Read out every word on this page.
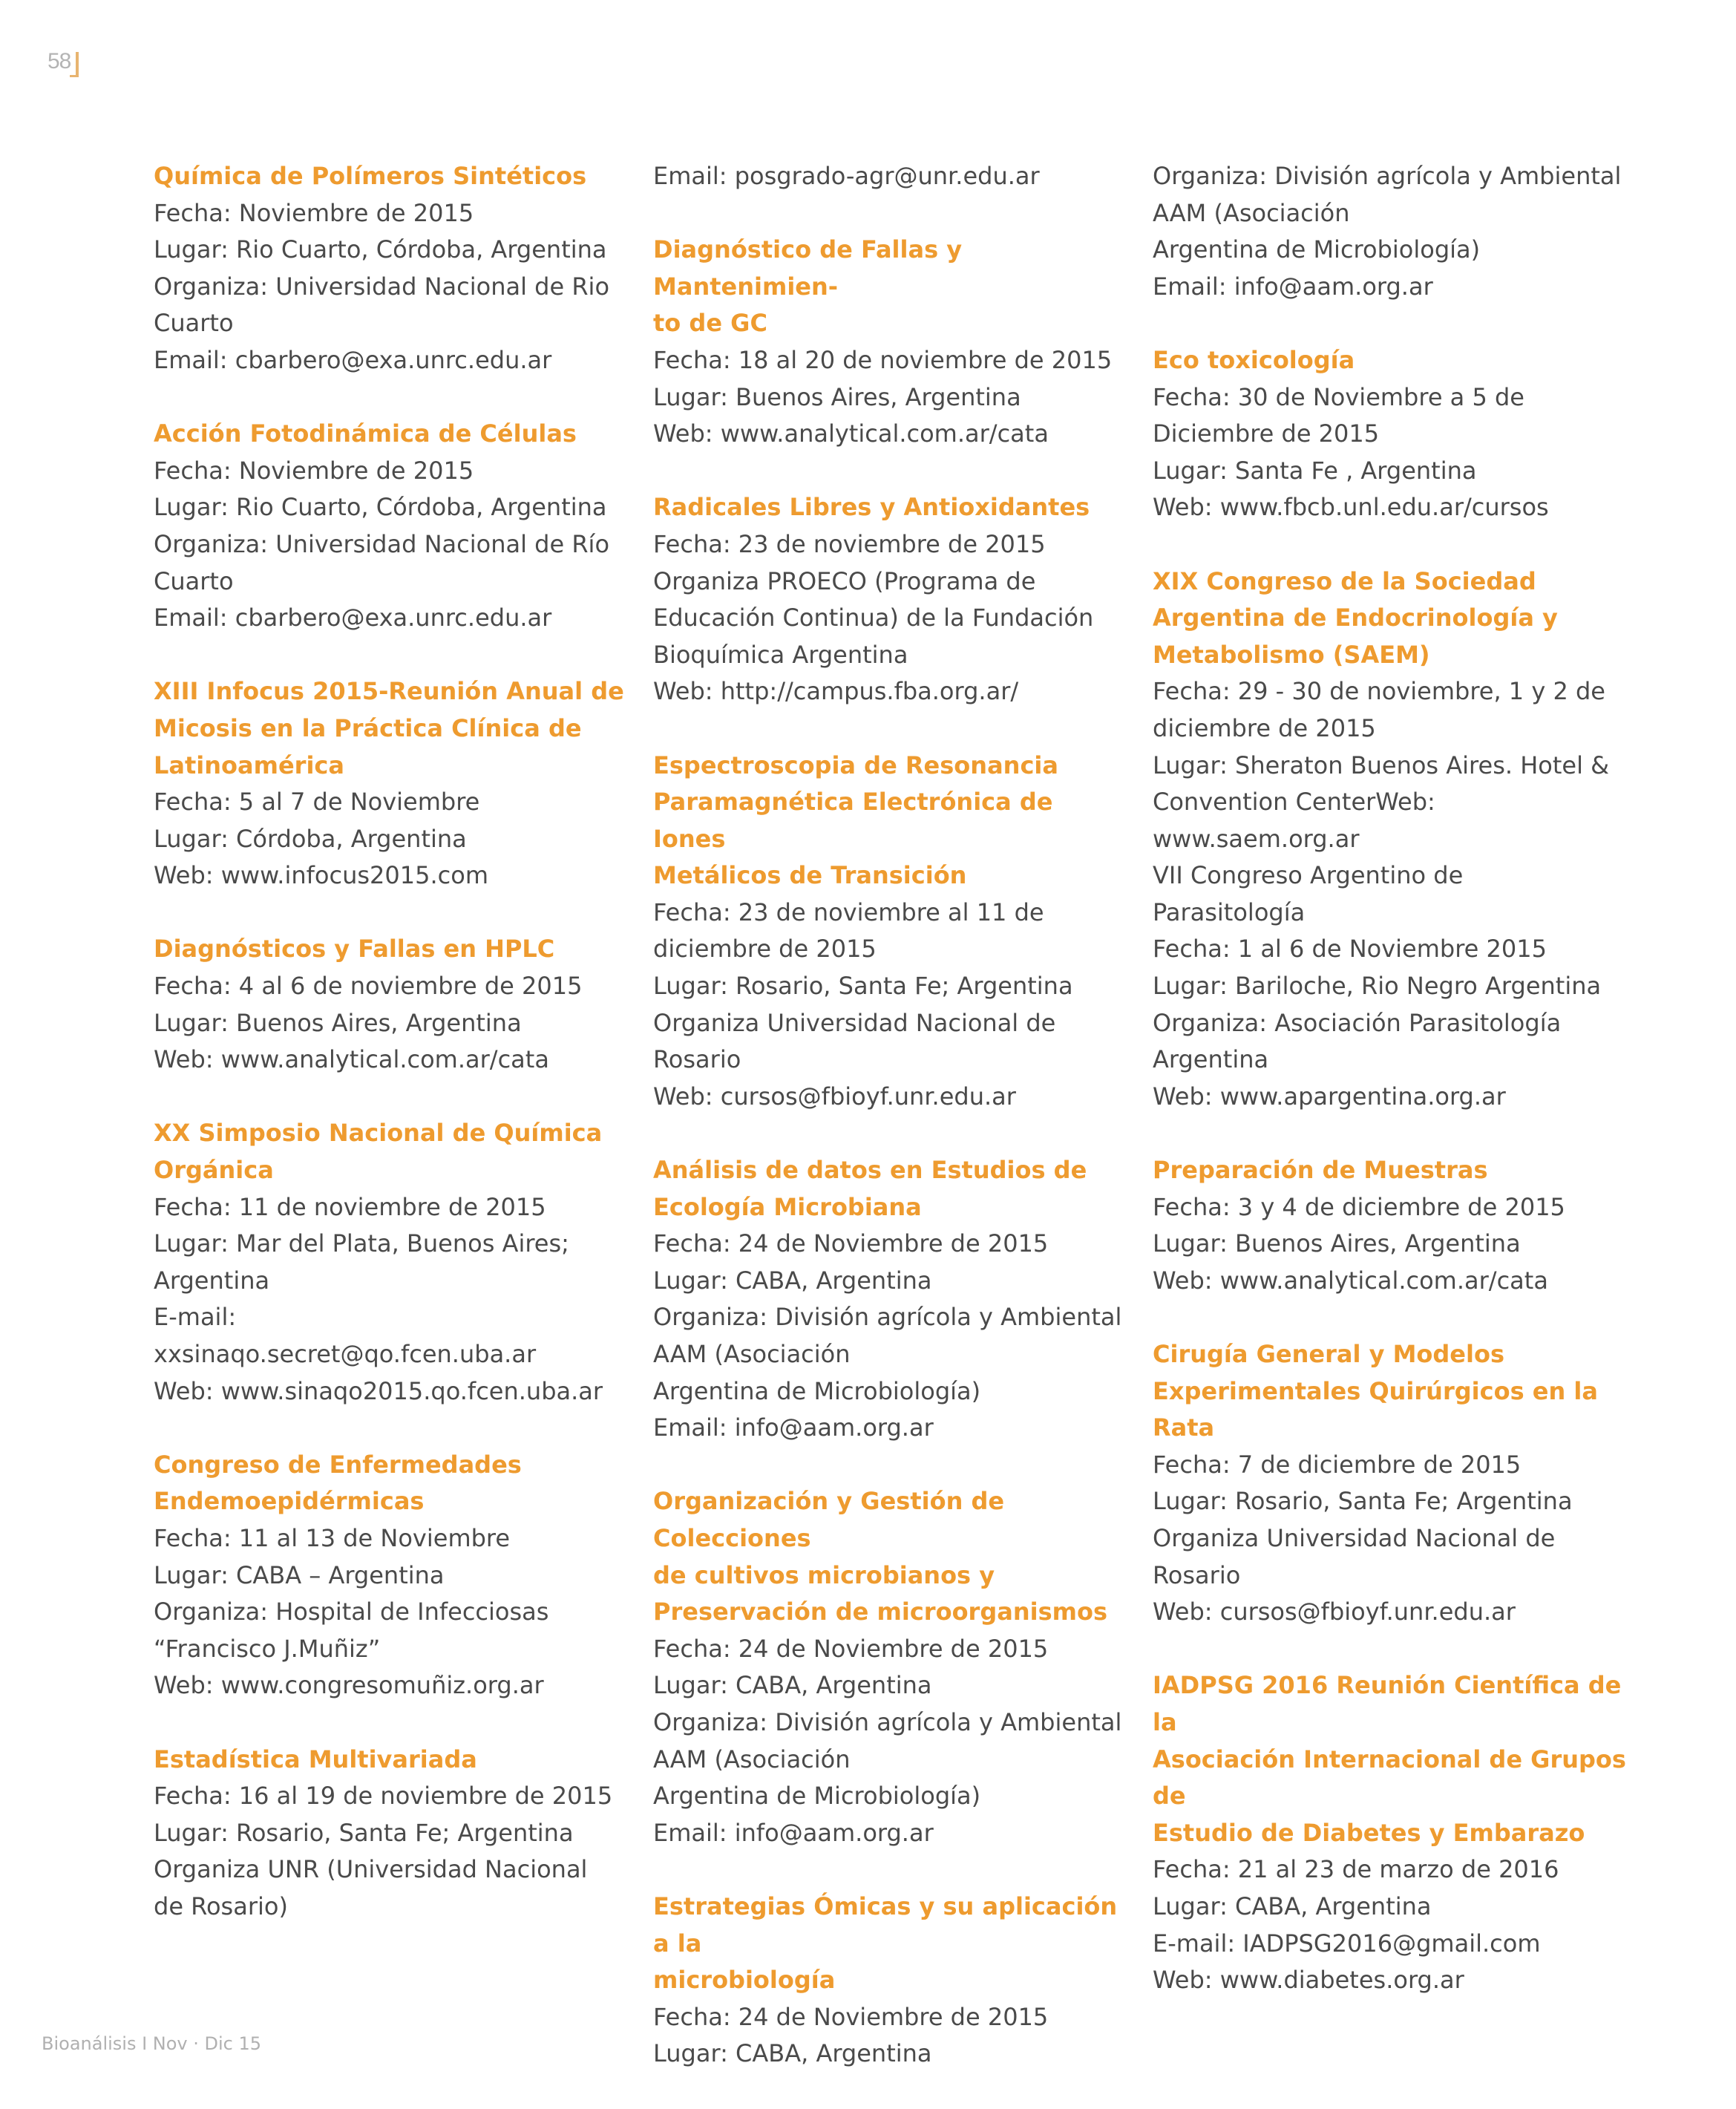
58
Química de Polímeros Sintéticos
Fecha: Noviembre de 2015
Lugar: Rio Cuarto, Córdoba, Argentina
Organiza: Universidad Nacional de Rio
Cuarto
Email: cbarbero@exa.unrc.edu.ar
Acción Fotodinámica de Células
Fecha: Noviembre de 2015
Lugar: Rio Cuarto, Córdoba, Argentina
Organiza: Universidad Nacional de Río
Cuarto
Email: cbarbero@exa.unrc.edu.ar
XIII Infocus 2015-Reunión Anual de
Micosis en la Práctica Clínica de
Latinoamérica
Fecha: 5 al 7 de Noviembre
Lugar: Córdoba, Argentina
Web: www.infocus2015.com
Diagnósticos y Fallas en HPLC
Fecha: 4 al 6 de noviembre de 2015
Lugar: Buenos Aires, Argentina
Web: www.analytical.com.ar/cata
XX Simposio Nacional de Química
Orgánica
Fecha: 11 de noviembre de 2015
Lugar: Mar del Plata, Buenos Aires;
Argentina
E-mail:
xxsinaqo.secret@qo.fcen.uba.ar
Web: www.sinaqo2015.qo.fcen.uba.ar
Congreso de Enfermedades
Endemoepidérmicas
Fecha: 11 al 13 de Noviembre
Lugar: CABA – Argentina
Organiza: Hospital de Infecciosas
“Francisco J.Muñiz”
Web: www.congresomuñiz.org.ar
Estadística Multivariada
Fecha: 16 al 19 de noviembre de 2015
Lugar: Rosario, Santa Fe; Argentina
Organiza UNR (Universidad Nacional
de Rosario)
Email: posgrado-agr@unr.edu.ar
Diagnóstico de Fallas y Mantenimien-
to de GC
Fecha: 18 al 20 de noviembre de 2015
Lugar: Buenos Aires, Argentina
Web: www.analytical.com.ar/cata
Radicales Libres y Antioxidantes
Fecha: 23 de noviembre de 2015
Organiza PROECO (Programa de
Educación Continua) de la Fundación
Bioquímica Argentina
Web: http://campus.fba.org.ar/
Espectroscopia de Resonancia
Paramagnética Electrónica de Iones
Metálicos de Transición
Fecha: 23 de noviembre al 11 de
diciembre de 2015
Lugar: Rosario, Santa Fe; Argentina
Organiza Universidad Nacional de
Rosario
Web: cursos@fbioyf.unr.edu.ar
Análisis de datos en Estudios de
Ecología Microbiana
Fecha: 24 de Noviembre de 2015
Lugar: CABA, Argentina
Organiza: División agrícola y Ambiental
AAM (Asociación
Argentina de Microbiología)
Email: info@aam.org.ar
Organización y Gestión de Colecciones
de cultivos microbianos y
Preservación de microorganismos
Fecha: 24 de Noviembre de 2015
Lugar: CABA, Argentina
Organiza: División agrícola y Ambiental
AAM (Asociación
Argentina de Microbiología)
Email: info@aam.org.ar
Estrategias Ómicas y su aplicación a la
microbiología
Fecha: 24 de Noviembre de 2015
Lugar: CABA, Argentina
Organiza: División agrícola y Ambiental
AAM (Asociación
Argentina de Microbiología)
Email: info@aam.org.ar
Eco toxicología
Fecha: 30 de Noviembre a 5 de
Diciembre de 2015
Lugar: Santa Fe , Argentina
Web: www.fbcb.unl.edu.ar/cursos
XIX Congreso de la Sociedad
Argentina de Endocrinología y
Metabolismo (SAEM)
Fecha: 29 - 30 de noviembre, 1 y 2 de
diciembre de 2015
Lugar: Sheraton Buenos Aires. Hotel &
Convention CenterWeb:
www.saem.org.ar
VII Congreso Argentino de
Parasitología
Fecha: 1 al 6 de Noviembre 2015
Lugar: Bariloche, Rio Negro Argentina
Organiza: Asociación Parasitología
Argentina
Web: www.apargentina.org.ar
Preparación de Muestras
Fecha: 3 y 4 de diciembre de 2015
Lugar: Buenos Aires, Argentina
Web: www.analytical.com.ar/cata
Cirugía General y Modelos
Experimentales Quirúrgicos en la Rata
Fecha: 7 de diciembre de 2015
Lugar: Rosario, Santa Fe; Argentina
Organiza Universidad Nacional de
Rosario
Web: cursos@fbioyf.unr.edu.ar
IADPSG 2016 Reunión Científica de la
Asociación Internacional de Grupos de
Estudio de Diabetes y Embarazo
Fecha: 21 al 23 de marzo de 2016
Lugar: CABA, Argentina
E-mail: IADPSG2016@gmail.com
Web: www.diabetes.org.ar
Bioanálisis I Nov · Dic 15
